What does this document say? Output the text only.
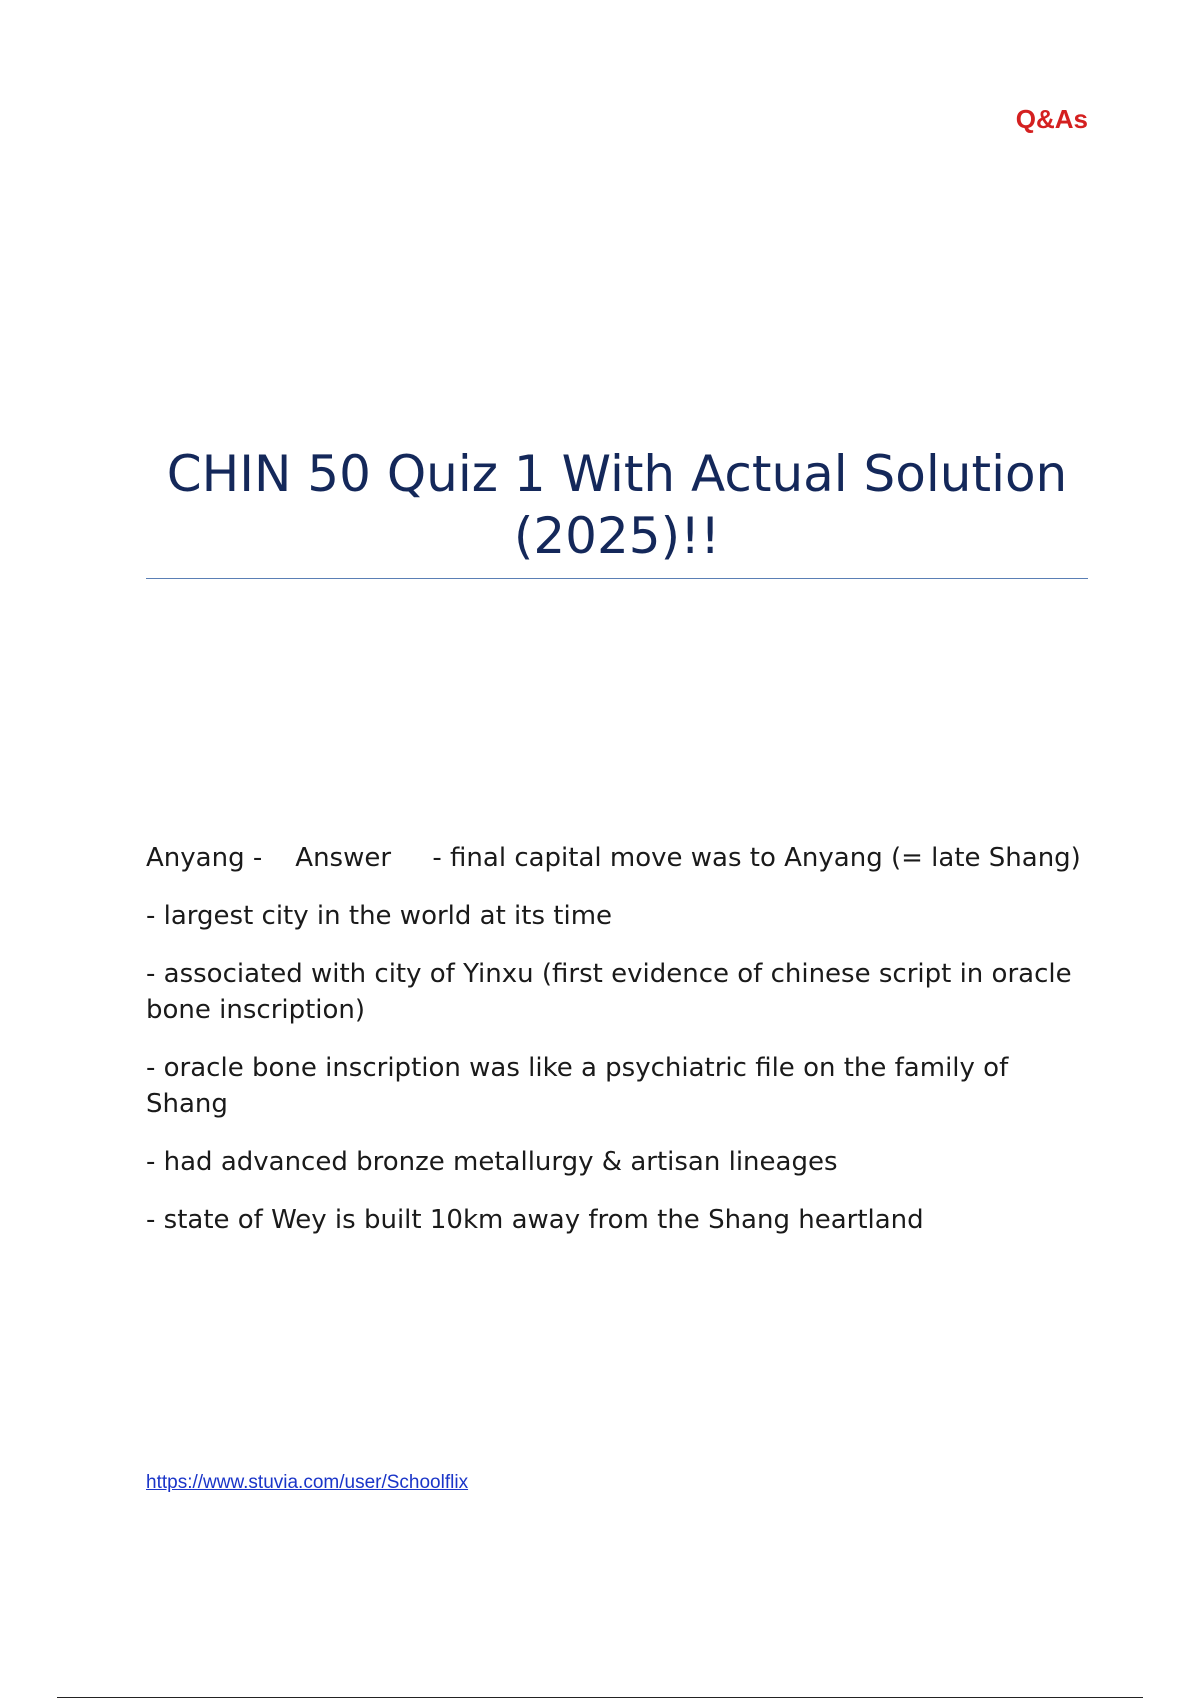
Q&As
CHIN 50 Quiz 1 With Actual Solution (2025)!!

Anyang -    Answer - final capital move was to Anyang (= late Shang)

- largest city in the world at its time

- associated with city of Yinxu (first evidence of chinese script in oracle bone inscription)

- oracle bone inscription was like a psychiatric file on the family of Shang

- had advanced bronze metallurgy & artisan lineages

- state of Wey is built 10km away from the Shang heartland

https://www.stuvia.com/user/Schoolflix
